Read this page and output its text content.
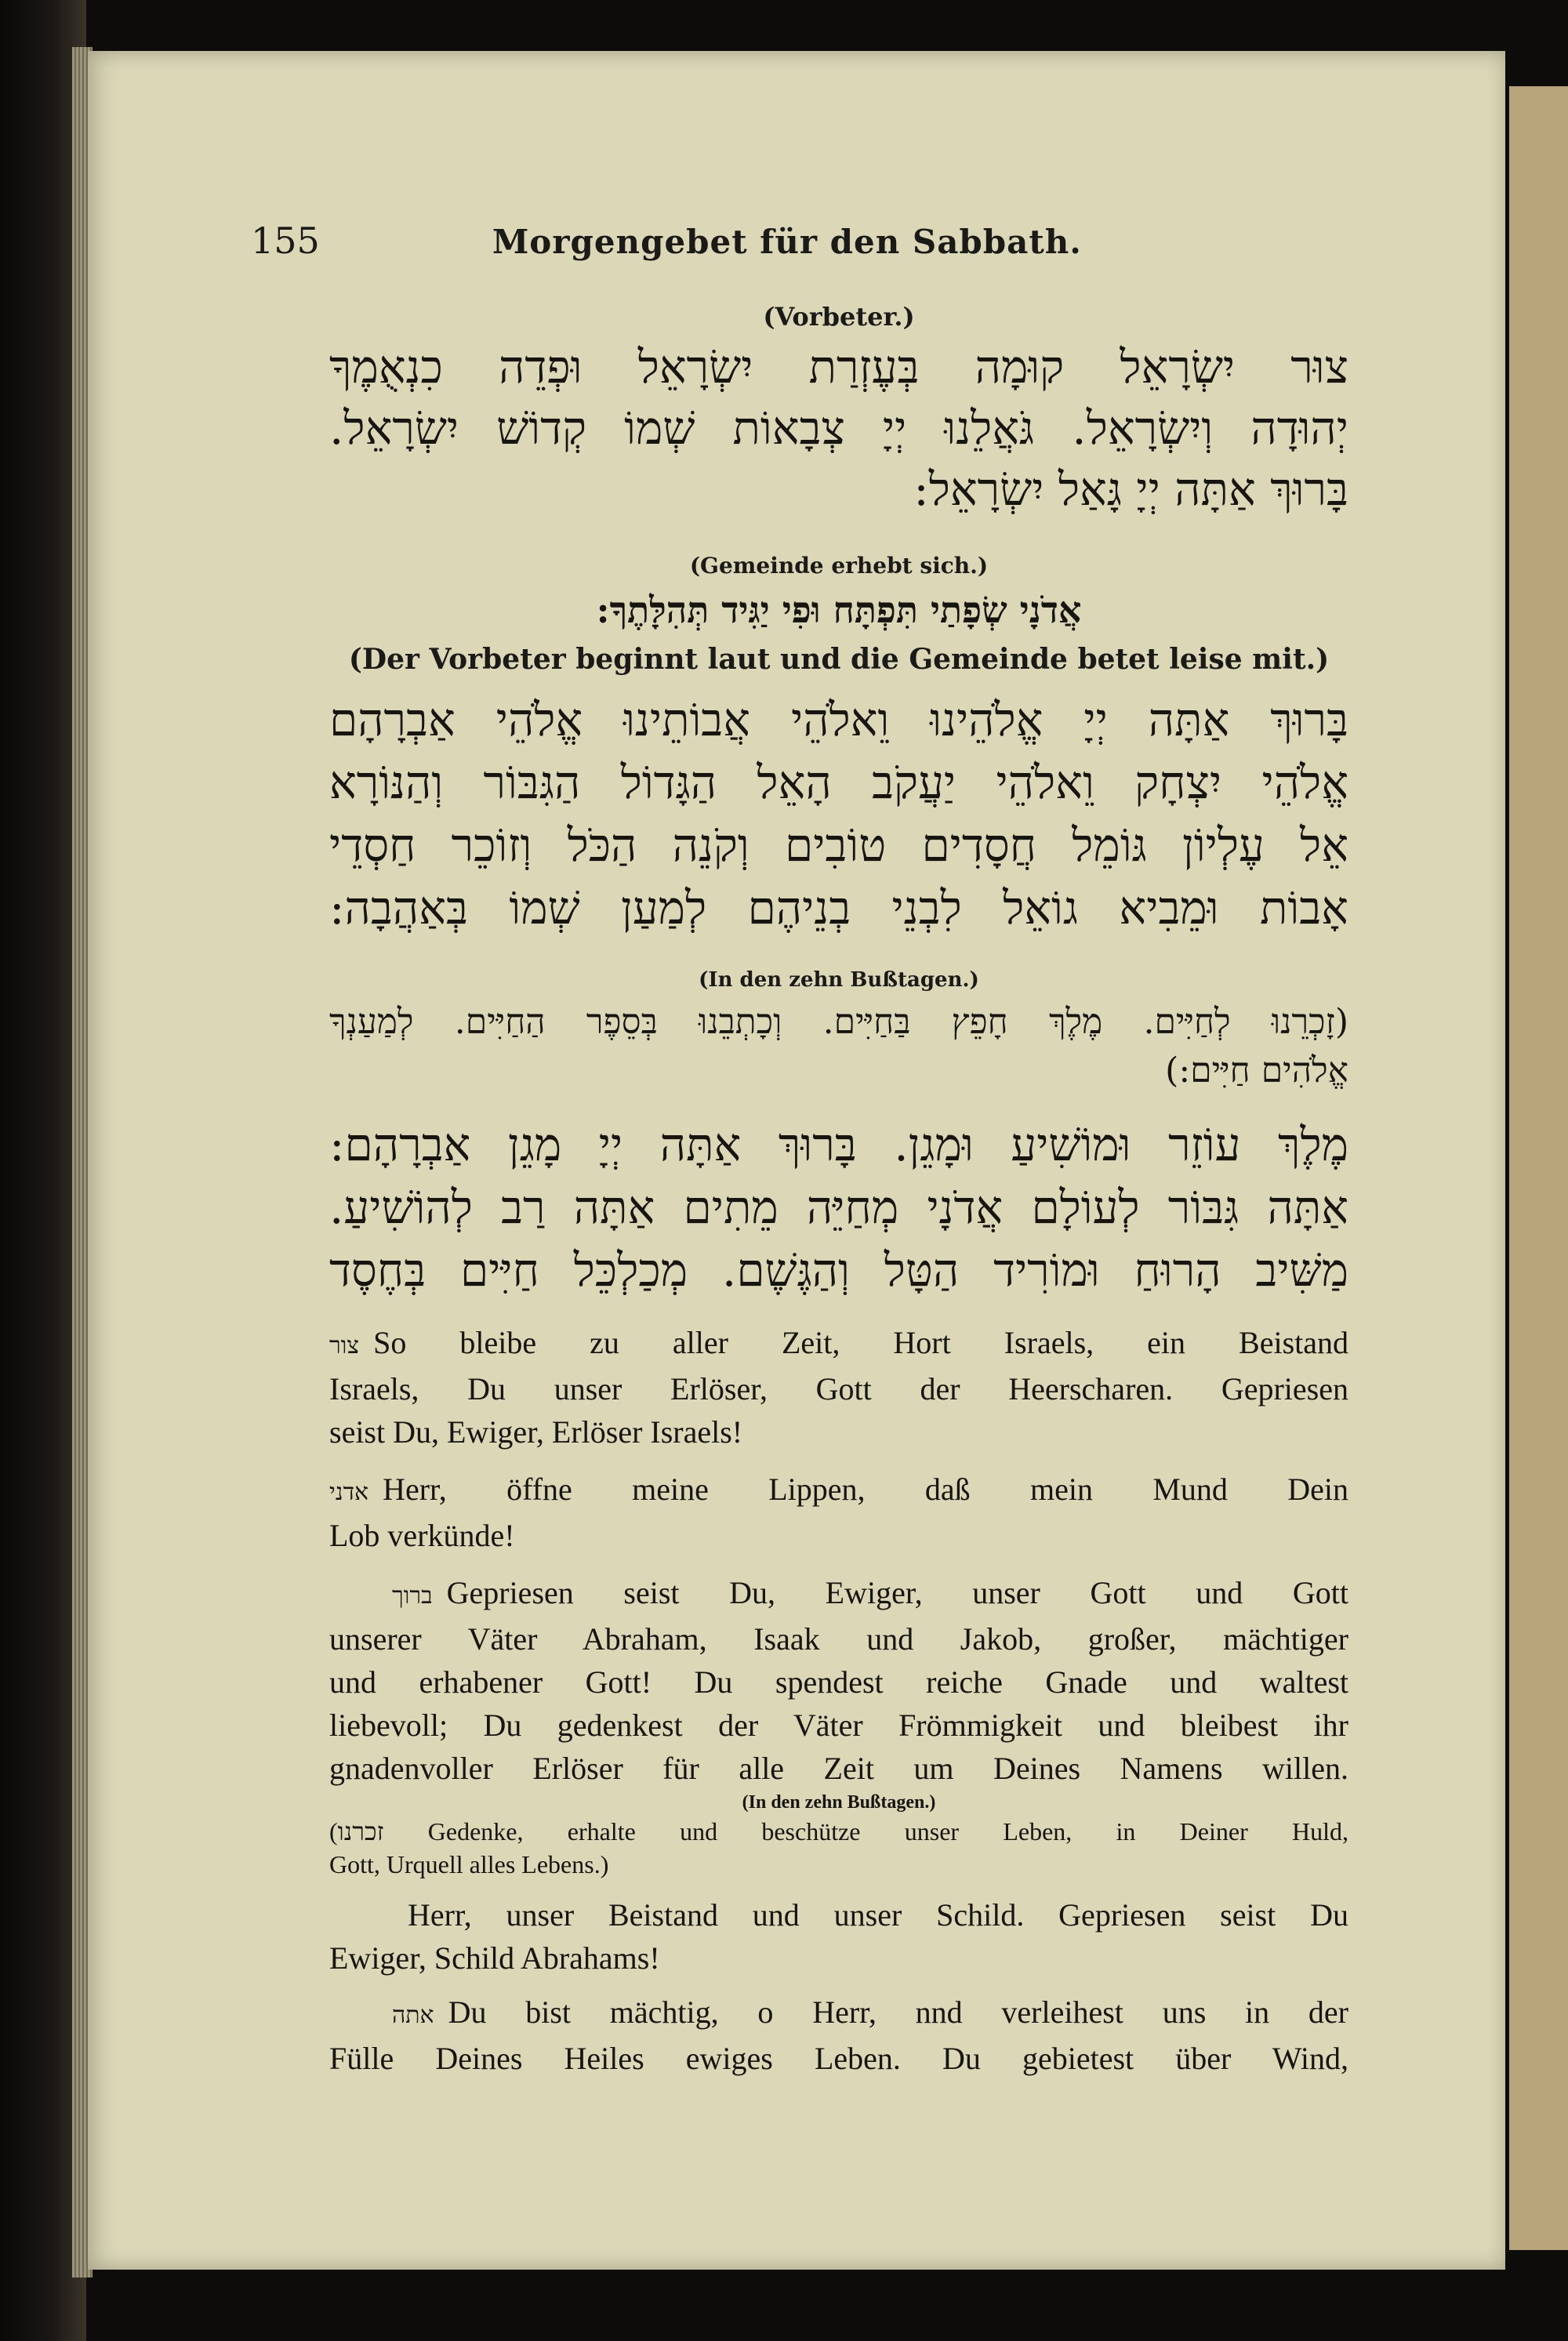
155	Morgengebet für den Sabbath.
(Vorbeter.)
צוּר יִשְׂרָאֵל קוּמָה בְּעֶזְרַת יִשְׂרָאֵל וּפְדֵה כִנְאֻמֶךָ
יְהוּדָה וְיִשְׂרָאֵל. גֹּאֲלֵנוּ יְיָ צְבָאוֹת שְׁמוֹ קְדוֹשׁ יִשְׂרָאֵל.
בָּרוּךְ אַתָּה יְיָ גָּאַל יִשְׂרָאֵל:
(Gemeinde erhebt sich.)
אֲדֹנָי שְׂפָתַי תִּפְתָּח וּפִי יַגִּיד תְּהִלָּתֶךָ:
(Der Vorbeter beginnt laut und die Gemeinde betet leise mit.)
בָּרוּךְ אַתָּה יְיָ אֱלֹהֵינוּ וֵאלֹהֵי אֲבוֹתֵינוּ אֱלֹהֵי אַבְרָהָם
אֱלֹהֵי יִצְחָק וֵאלֹהֵי יַעֲקֹב הָאֵל הַגָּדוֹל הַגִּבּוֹר וְהַנּוֹרָא
אֵל עֶלְיוֹן גּוֹמֵל חֲסָדִים טוֹבִים וְקֹנֵה הַכֹּל וְזוֹכֵר חַסְדֵי
אָבוֹת וּמֵבִיא גוֹאֵל לִבְנֵי בְנֵיהֶם לְמַעַן שְׁמוֹ בְּאַהֲבָה:
(In den zehn Bußtagen.)
(זָכְרֵנוּ לְחַיִּים. מֶלֶךְ חָפֵץ בַּחַיִּים. וְכָתְבֵנוּ בְּסֵפֶר הַחַיִּים. לְמַעַנְךָ
אֱלֹהִים חַיִּים:)
מֶלֶךְ עוֹזֵר וּמוֹשִׁיעַ וּמָגֵן. בָּרוּךְ אַתָּה יְיָ מָגֵן אַבְרָהָם:
אַתָּה גִּבּוֹר לְעוֹלָם אֲדֹנָי מְחַיֵּה מֵתִים אַתָּה רַב לְהוֹשִׁיעַ.
מַשִּׁיב הָרוּחַ וּמוֹרִיד הַטָּל וְהַגֶּשֶׁם. מְכַלְכֵּל חַיִּים בְּחֶסֶד
צור So bleibe zu aller Zeit, Hort Israels, ein Beistand
Israels, Du unser Erlöser, Gott der Heerscharen. Gepriesen
seist Du, Ewiger, Erlöser Israels!
אדני Herr, öffne meine Lippen, daß mein Mund Dein
Lob verkünde!
ברוך Gepriesen seist Du, Ewiger, unser Gott und Gott
unserer Väter Abraham, Isaak und Jakob, großer, mächtiger
und erhabener Gott! Du spendest reiche Gnade und waltest
liebevoll; Du gedenkest der Väter Frömmigkeit und bleibest ihr
gnadenvoller Erlöser für alle Zeit um Deines Namens willen.
(In den zehn Bußtagen.)
(זכרנו Gedenke, erhalte und beschütze unser Leben, in Deiner Huld,
Gott, Urquell alles Lebens.)
Herr, unser Beistand und unser Schild. Gepriesen seist Du
Ewiger, Schild Abrahams!
אתה Du bist mächtig, o Herr, nnd verleihest uns in der
Fülle Deines Heiles ewiges Leben. Du gebietest über Wind,
